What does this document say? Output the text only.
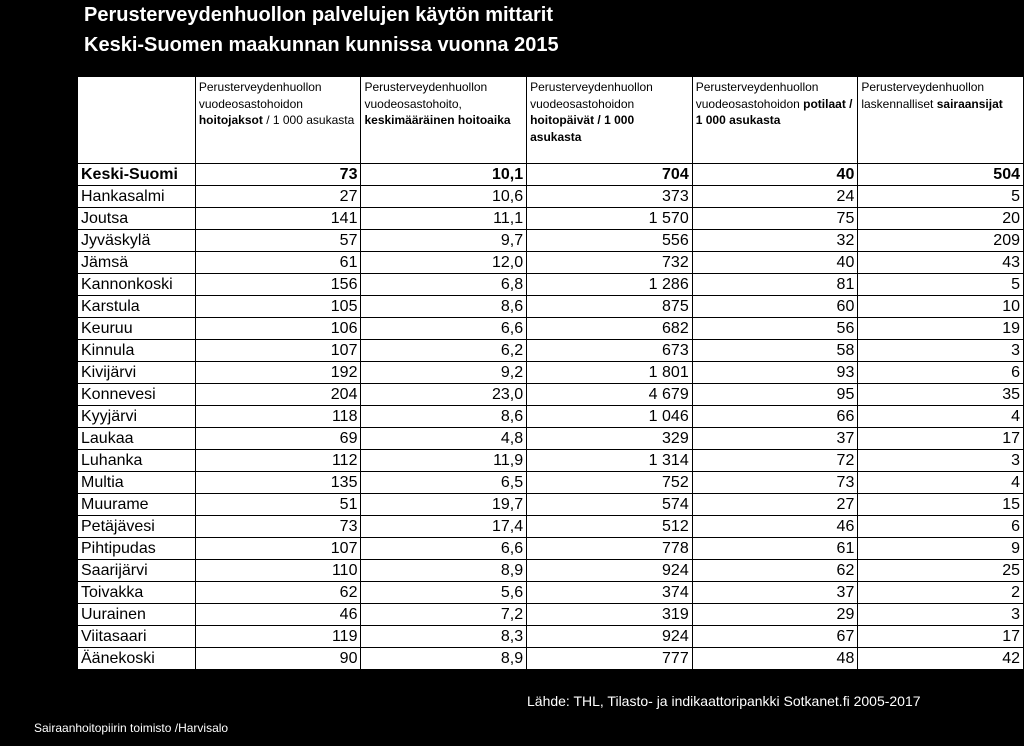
Perusterveydenhuollon palvelujen käytön mittarit
Keski-Suomen maakunnan kunnissa vuonna 2015
	Perusterveydenhuollon vuodeosastohoidon hoitojaksot / 1 000 asukasta	Perusterveydenhuollon vuodeosastohoito, keskimääräinen hoitoaika	Perusterveydenhuollon vuodeosastohoidon hoitopäivät / 1 000 asukasta	Perusterveydenhuollon vuodeosastohoidon potilaat / 1 000 asukasta	Perusterveydenhuollon laskennalliset sairaansijat
Keski-Suomi	73	10,1	704	40	504
Hankasalmi	27	10,6	373	24	5
Joutsa	141	11,1	1 570	75	20
Jyväskylä	57	9,7	556	32	209
Jämsä	61	12,0	732	40	43
Kannonkoski	156	6,8	1 286	81	5
Karstula	105	8,6	875	60	10
Keuruu	106	6,6	682	56	19
Kinnula	107	6,2	673	58	3
Kivijärvi	192	9,2	1 801	93	6
Konnevesi	204	23,0	4 679	95	35
Kyyjärvi	118	8,6	1 046	66	4
Laukaa	69	4,8	329	37	17
Luhanka	112	11,9	1 314	72	3
Multia	135	6,5	752	73	4
Muurame	51	19,7	574	27	15
Petäjävesi	73	17,4	512	46	6
Pihtipudas	107	6,6	778	61	9
Saarijärvi	110	8,9	924	62	25
Toivakka	62	5,6	374	37	2
Uurainen	46	7,2	319	29	3
Viitasaari	119	8,3	924	67	17
Äänekoski	90	8,9	777	48	42
Lähde: THL, Tilasto- ja indikaattoripankki Sotkanet.fi 2005-2017
Sairaanhoitopiirin toimisto /Harvisalo
